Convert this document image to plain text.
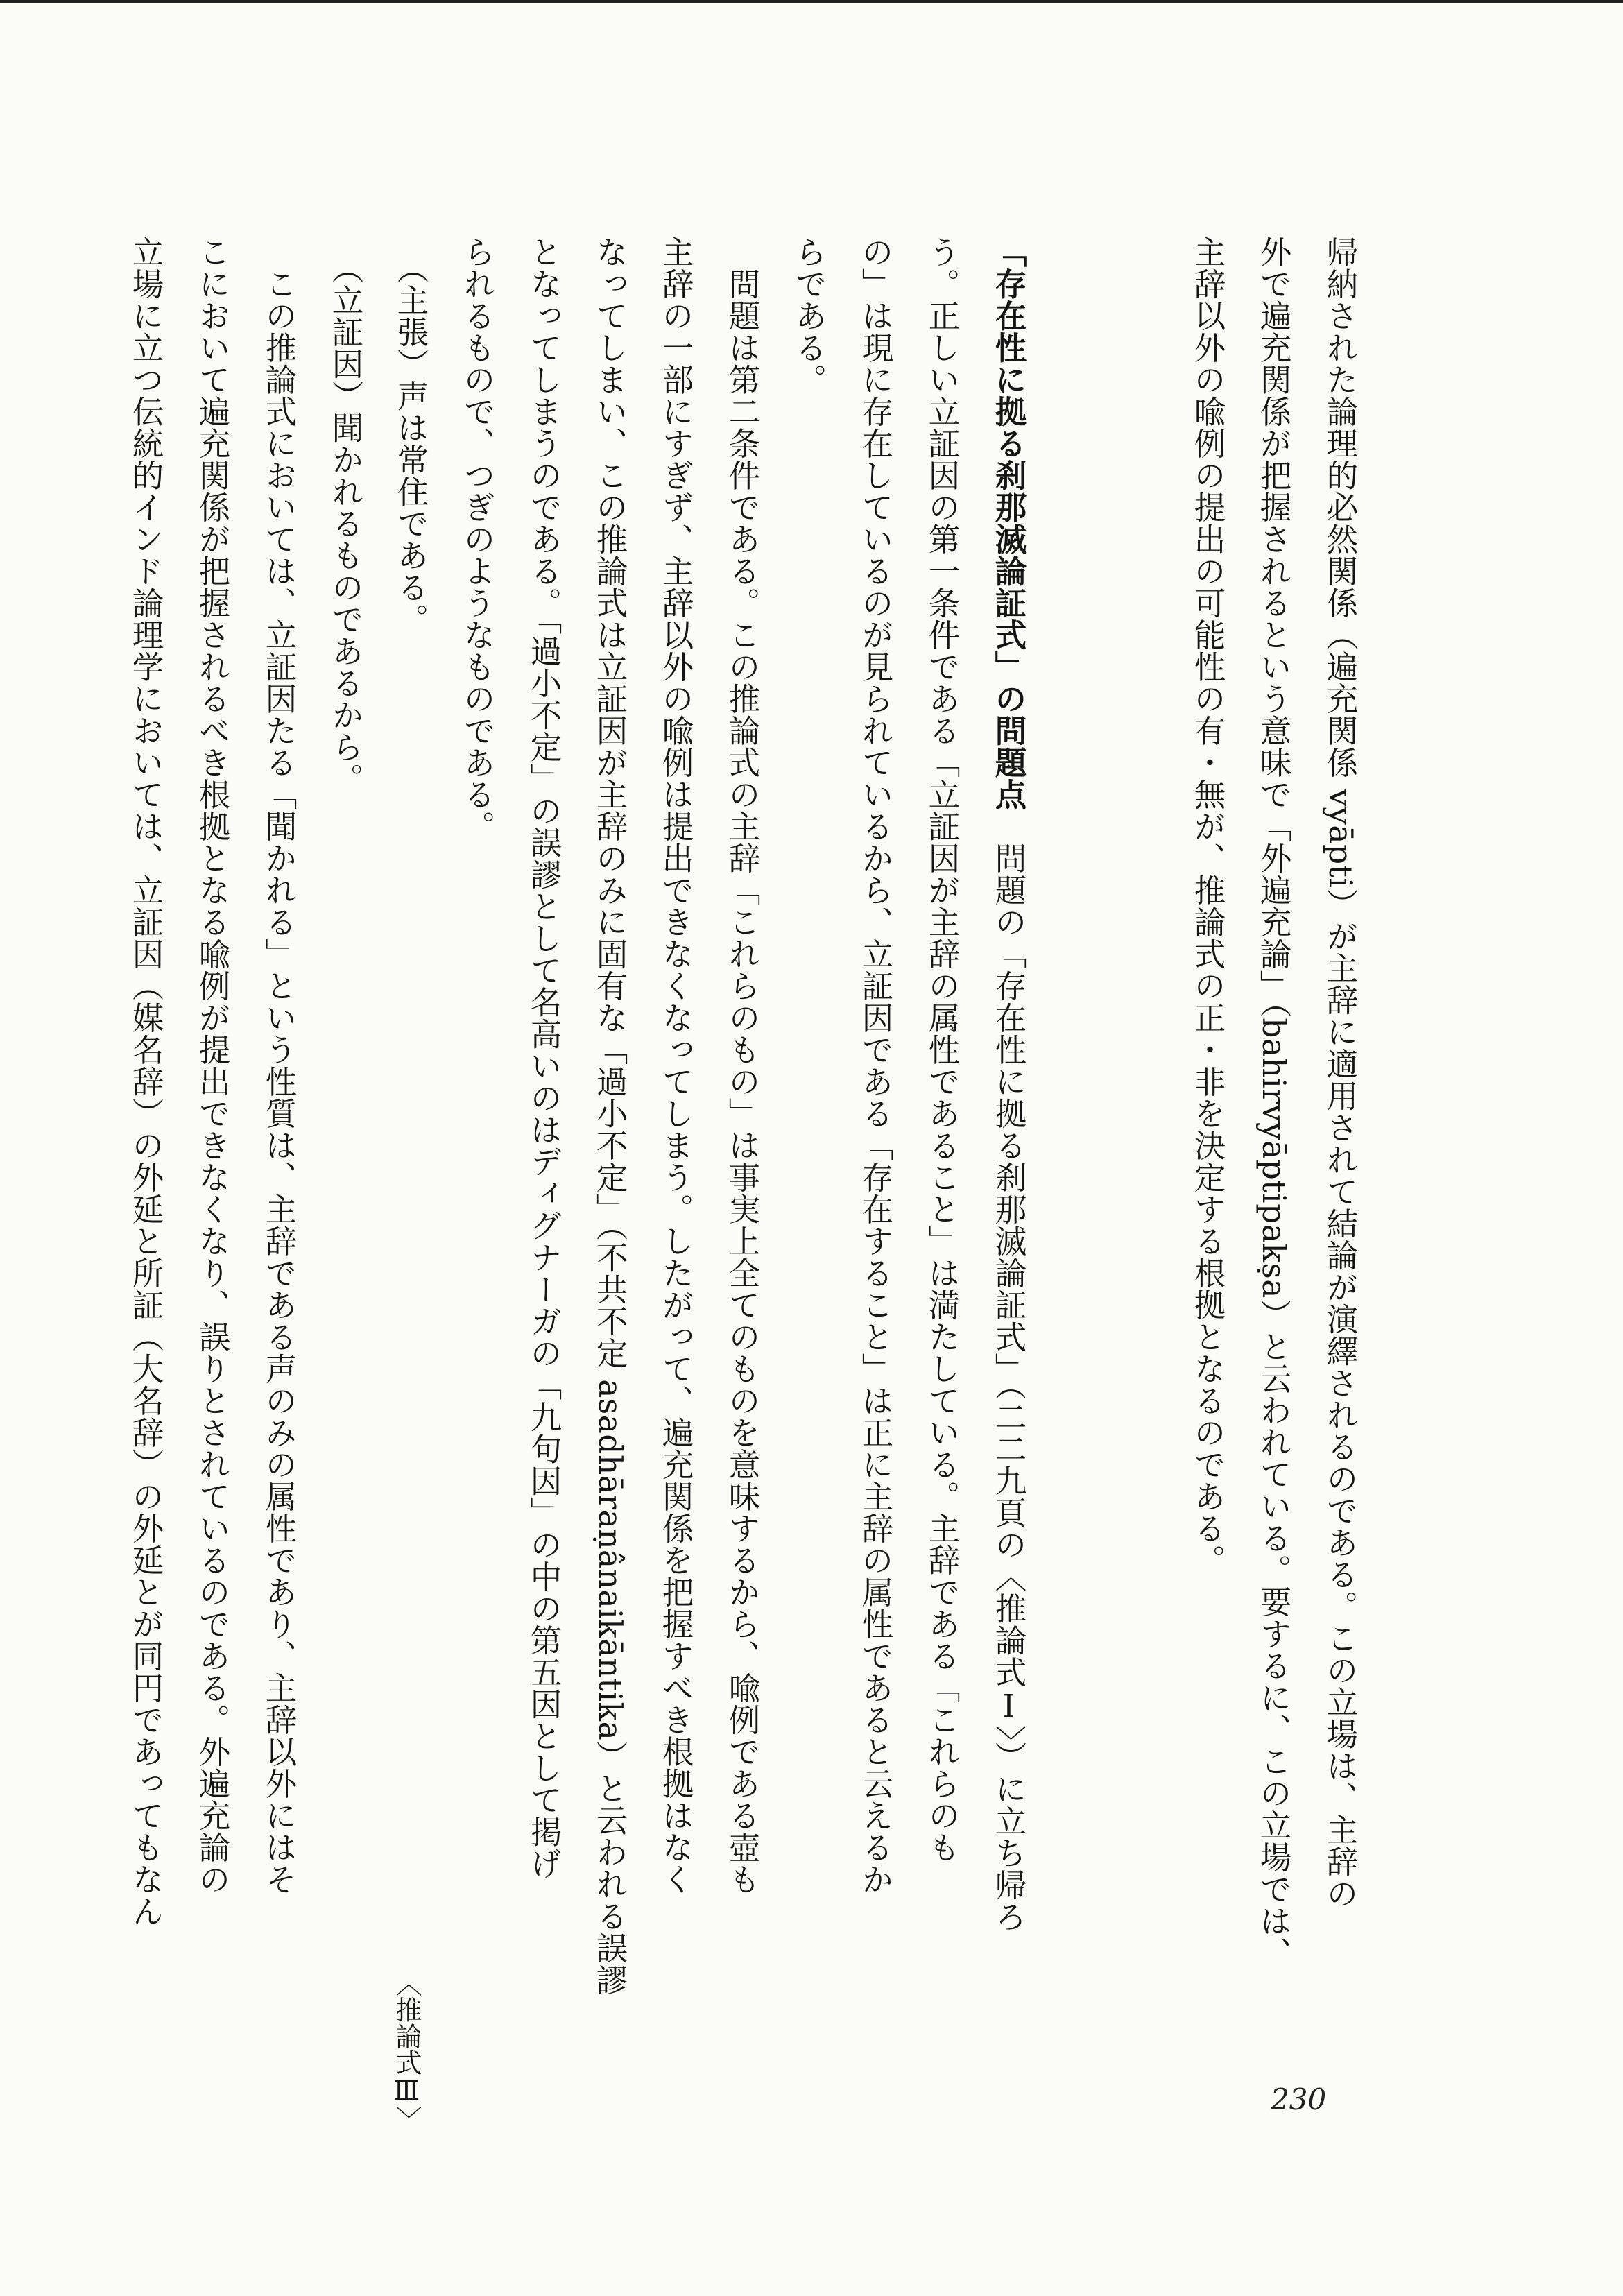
帰納された論理的必然関係（遍充関係 vyāpti）が主辞に適用されて結論が演繹されるのである。この立場は、主辞の
外で遍充関係が把握されるという意味で「外遍充論」（bahirvyāptipakṣa）と云われている。要するに、この立場では、
主辞以外の喩例の提出の可能性の有・無が、推論式の正・非を決定する根拠となるのである。
「存在性に拠る刹那滅論証式」の問題点　問題の「存在性に拠る刹那滅論証式」（二二九頁の〈推論式Ⅰ〉）に立ち帰ろ
う。正しい立証因の第一条件である「立証因が主辞の属性であること」は満たしている。主辞である「これらのも
の」は現に存在しているのが見られているから、立証因である「存在すること」は正に主辞の属性であると云えるか
らである。
　問題は第二条件である。この推論式の主辞「これらのもの」は事実上全てのものを意味するから、喩例である壺も
主辞の一部にすぎず、主辞以外の喩例は提出できなくなってしまう。したがって、遍充関係を把握すべき根拠はなく
なってしまい、この推論式は立証因が主辞のみに固有な「過小不定」（不共不定 asadhāraṇânaikāntika）と云われる誤謬
となってしまうのである。「過小不定」の誤謬として名高いのはディグナーガの「九句因」の中の第五因として掲げ
られるもので、つぎのようなものである。
　（主張）声は常住である。
　（立証因）聞かれるものであるから。
　この推論式においては、立証因たる「聞かれる」という性質は、主辞である声のみの属性であり、主辞以外にはそ
こにおいて遍充関係が把握されるべき根拠となる喩例が提出できなくなり、誤りとされているのである。外遍充論の
立場に立つ伝統的インド論理学においては、立証因（媒名辞）の外延と所証（大名辞）の外延とが同円であってもなん
〈推論式Ⅲ〉	230
